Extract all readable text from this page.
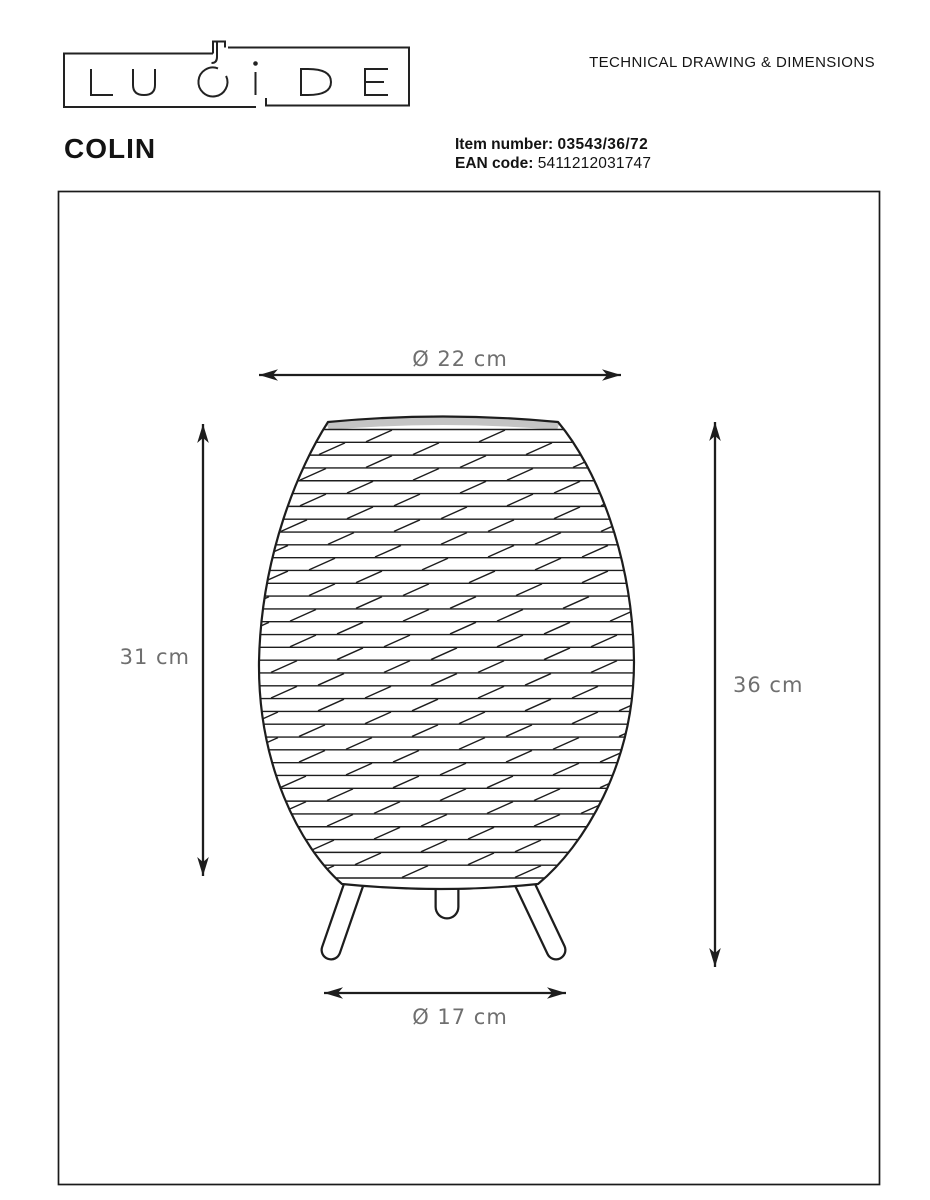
TECHNICAL DRAWING & DIMENSIONS
COLIN	Item number: 03543/36/72
EAN code: 5411212031747
Ø 22 cm
31 cm
36 cm
Ø 17 cm
